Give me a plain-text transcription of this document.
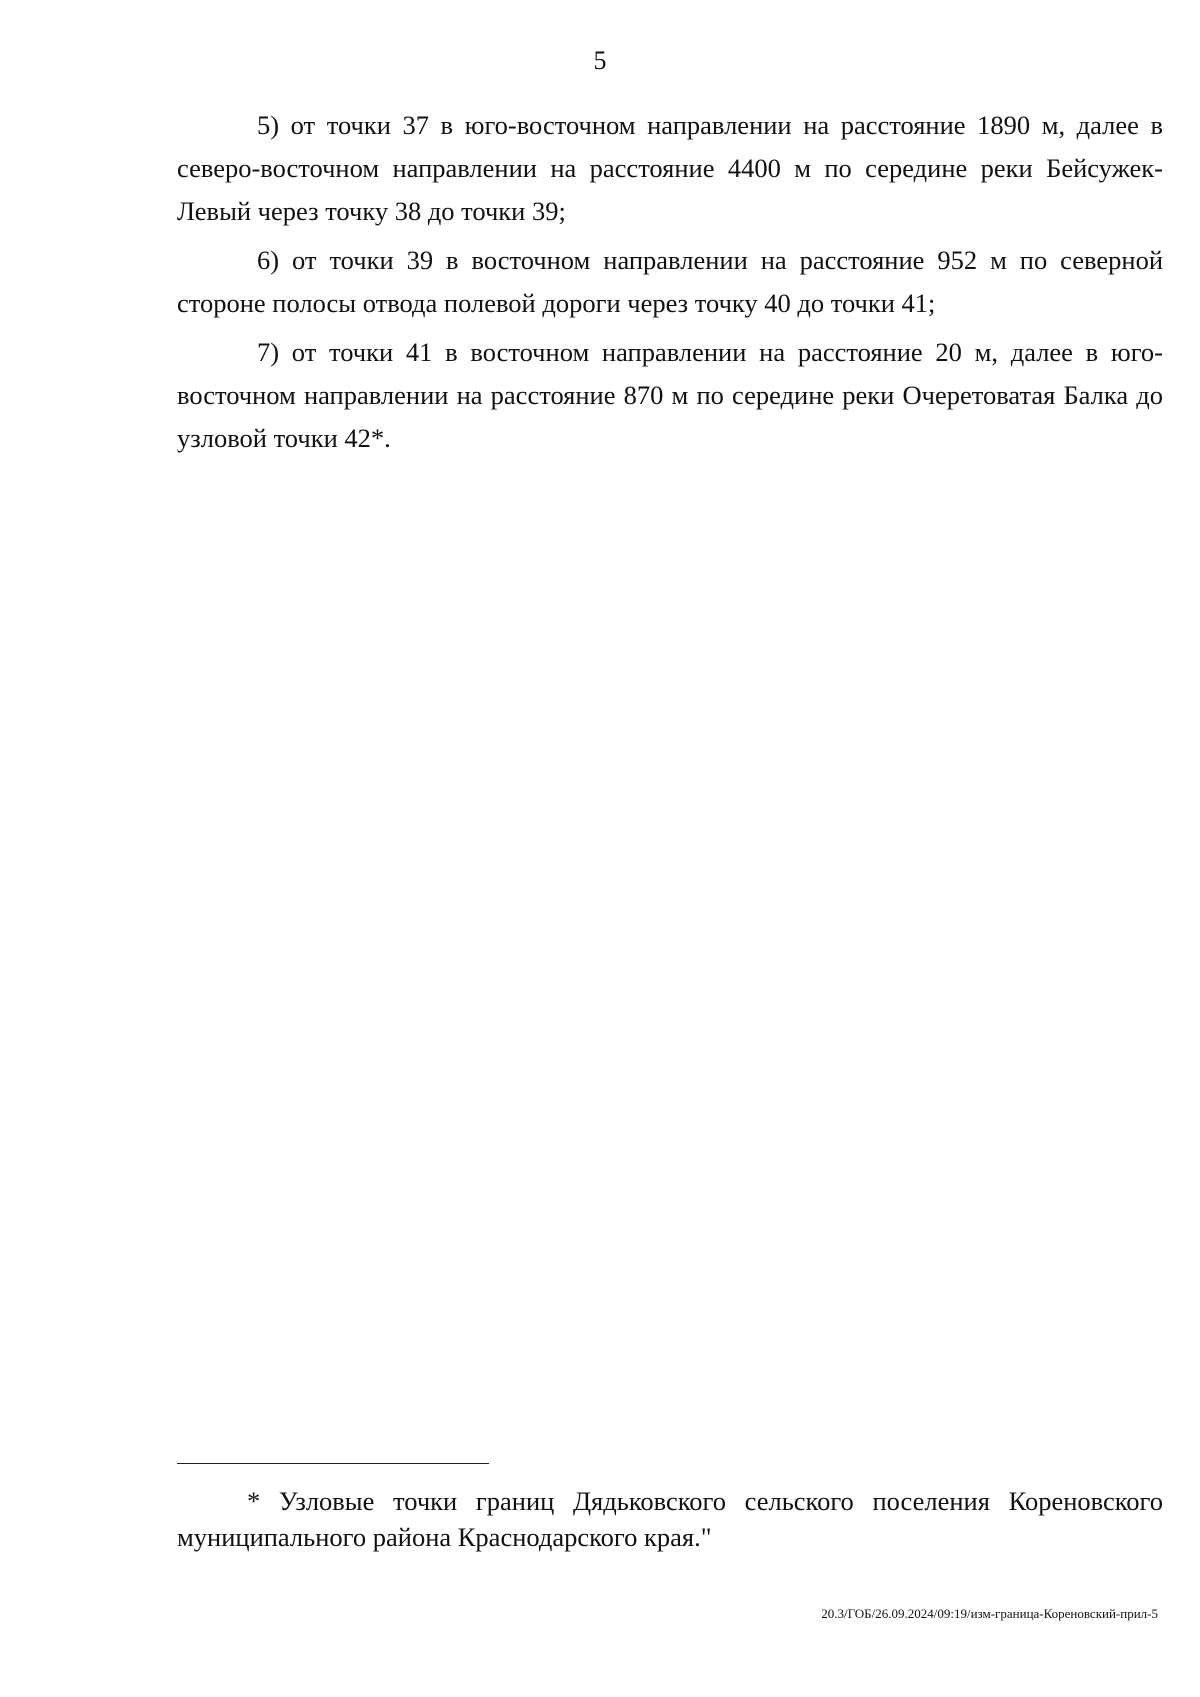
5

5) от точки 37 в юго-восточном направлении на расстояние 1890 м, далее в северо-восточном направлении на расстояние 4400 м по середине реки Бейсужек-Левый через точку 38 до точки 39;

6) от точки 39 в восточном направлении на расстояние 952 м по северной стороне полосы отвода полевой дороги через точку 40 до точки 41;

7) от точки 41 в восточном направлении на расстояние 20 м, далее в юго-восточном направлении на расстояние 870 м по середине реки Очеретоватая Балка до узловой точки 42*.

* Узловые точки границ Дядьковского сельского поселения Кореновского муниципального района Краснодарского края."

20.3/ГОБ/26.09.2024/09:19/изм-граница-Кореновский-прил-5
